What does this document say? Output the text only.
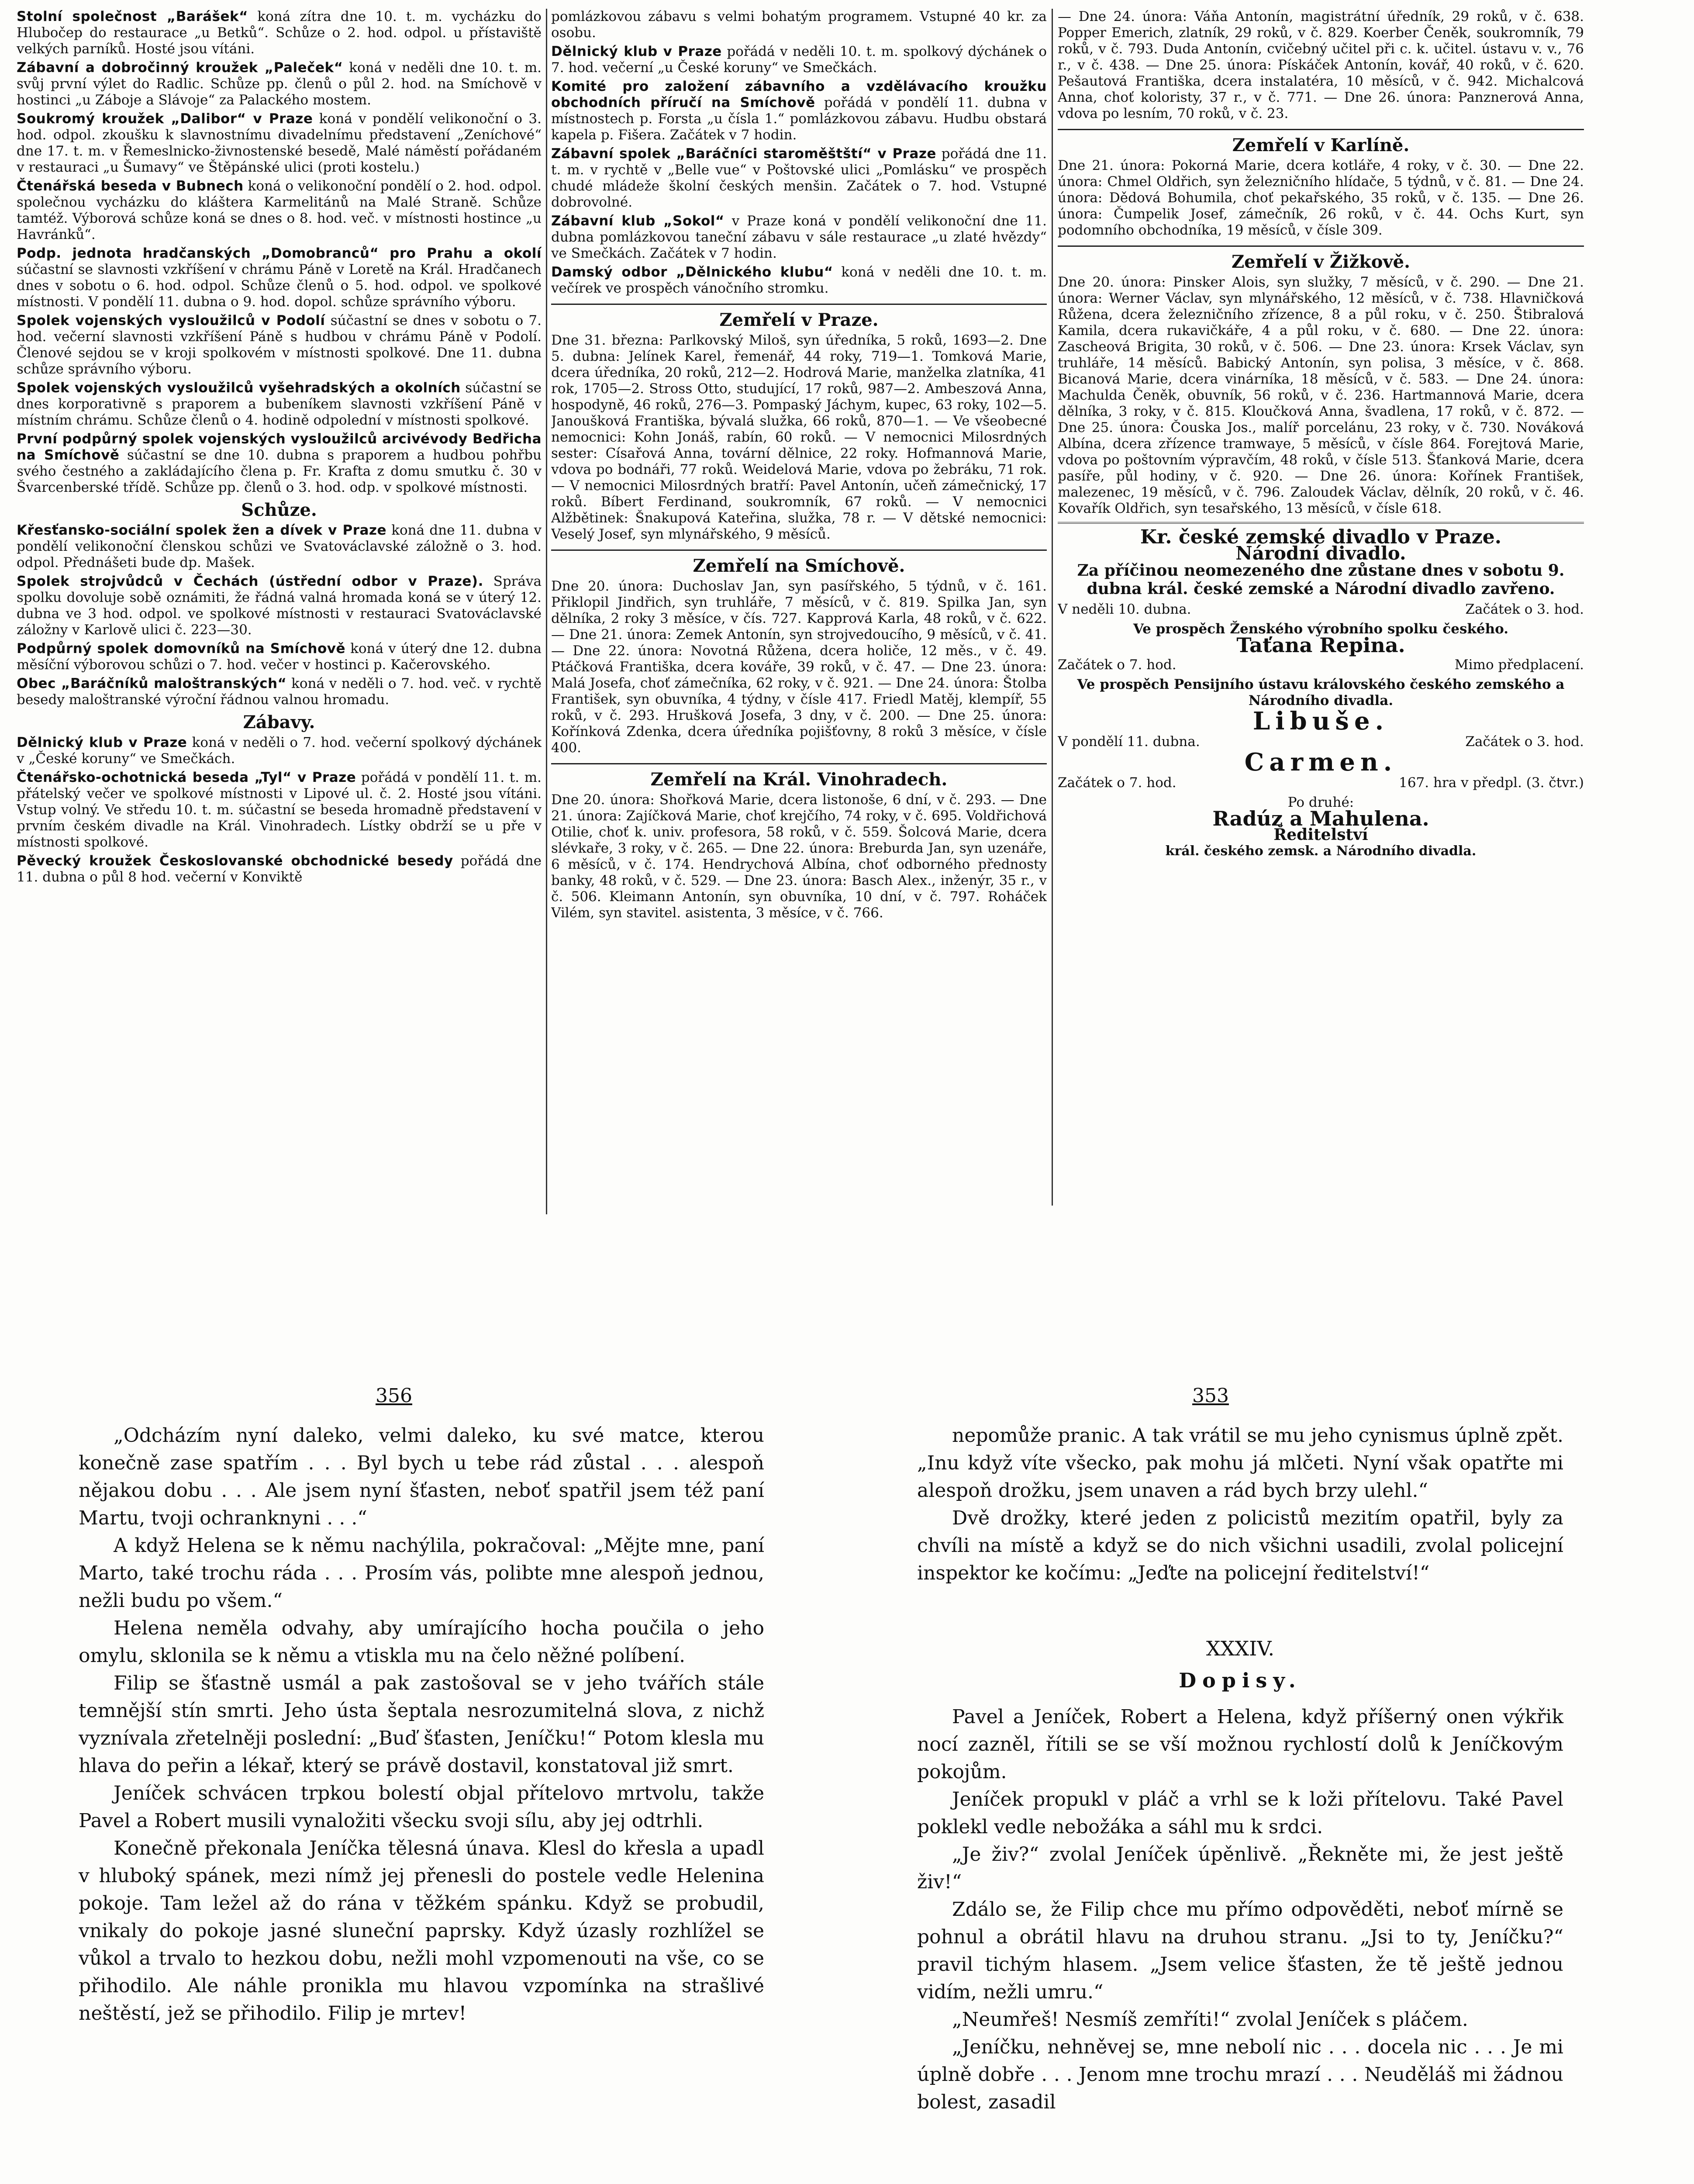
Stolní společnost „Barášek“ koná zítra dne 10. t. m. vycházku do Hlubočep do restaurace „u Betků“. Schůze o 2. hod. odpol. u přístaviště velkých parníků. Hosté jsou vítáni.

Zábavní a dobročinný kroužek „Paleček“ koná v neděli dne 10. t. m. svůj první výlet do Radlic. Schůze pp. členů o půl 2. hod. na Smíchově v hostinci „u Záboje a Slávoje“ za Palackého mostem.

Soukromý kroužek „Dalibor“ v Praze koná v pondělí velikonoční o 3. hod. odpol. zkoušku k slavnostnímu divadelnímu představení „Zeníchové“ dne 17. t. m. v Řemeslnicko-živnostenské besedě, Malé náměstí pořádaném v restauraci „u Šumavy“ ve Štěpánské ulici (proti kostelu.)

Čtenářská beseda v Bubnech koná o velikonoční pondělí o 2. hod. odpol. společnou vycházku do kláštera Karmelitánů na Malé Straně. Schůze tamtéž. Výborová schůze koná se dnes o 8. hod. več. v místnosti hostince „u Havránků“.

Podp. jednota hradčanských „Domobranců“ pro Prahu a okolí súčastní se slavnosti vzkříšení v chrámu Páně v Loretě na Král. Hradčanech dnes v sobotu o 6. hod. odpol. Schůze členů o 5. hod. odpol. ve spolkové místnosti. V pondělí 11. dubna o 9. hod. dopol. schůze správního výboru.

Spolek vojenských vysloužilců v Podolí súčastní se dnes v sobotu o 7. hod. večerní slavnosti vzkříšení Páně s hudbou v chrámu Páně v Podolí. Členové sejdou se v kroji spolkovém v místnosti spolkové. Dne 11. dubna schůze správního výboru.

Spolek vojenských vysloužilců vyšehradských a okolních súčastní se dnes korporativně s praporem a bubeníkem slavnosti vzkříšení Páně v místním chrámu. Schůze členů o 4. hodině odpolední v místnosti spolkové.

První podpůrný spolek vojenských vysloužilců arcivévody Bedřicha na Smíchově súčastní se dne 10. dubna s praporem a hudbou pohřbu svého čestného a zakládajícího člena p. Fr. Krafta z domu smutku č. 30 v Švarcenberské třídě. Schůze pp. členů o 3. hod. odp. v spolkové místnosti.

Schůze.

Křesťansko-sociální spolek žen a dívek v Praze koná dne 11. dubna v pondělí velikonoční členskou schůzi ve Svatováclavské záložně o 3. hod. odpol. Přednášeti bude dp. Mašek.

Spolek strojvůdců v Čechách (ústřední odbor v Praze). Správa spolku dovoluje sobě oznámiti, že řádná valná hromada koná se v úterý 12. dubna ve 3 hod. odpol. ve spolkové místnosti v restauraci Svatováclavské záložny v Karlově ulici č. 223—30.

Podpůrný spolek domovníků na Smíchově koná v úterý dne 12. dubna měsíční výborovou schůzi o 7. hod. večer v hostinci p. Kačerovského.

Obec „Baráčníků maloštranských“ koná v neděli o 7. hod. več. v rychtě besedy maloštranské výroční řádnou valnou hromadu.

Zábavy.

Dělnický klub v Praze koná v neděli o 7. hod. večerní spolkový dýchánek v „České koruny“ ve Smečkách.

Čtenářsko-ochotnická beseda „Tyl“ v Praze pořádá v pondělí 11. t. m. přátelský večer ve spolkové místnosti v Lipové ul. č. 2. Hosté jsou vítáni. Vstup volný. Ve středu 10. t. m. súčastní se beseda hromadně představení v prvním českém divadle na Král. Vinohradech. Lístky obdrží se u pře v místnosti spolkové.

Pěvecký kroužek Českoslovanské obchodnické besedy pořádá dne 11. dubna o půl 8 hod. večerní v Konviktě

pomlázkovou zábavu s velmi bohatým programem. Vstupné 40 kr. za osobu.

Dělnický klub v Praze pořádá v neděli 10. t. m. spolkový dýchánek o 7. hod. večerní „u České koruny“ ve Smečkách.

Komité pro založení zábavního a vzdělávacího kroužku obchodních příručí na Smíchově pořádá v pondělí 11. dubna v místnostech p. Forsta „u čísla 1.“ pomlázkovou zábavu. Hudbu obstará kapela p. Fišera. Začátek v 7 hodin.

Zábavní spolek „Baráčníci staroměštští“ v Praze pořádá dne 11. t. m. v rychtě v „Belle vue“ v Poštovské ulici „Pomlásku“ ve prospěch chudé mládeže školní českých menšin. Začátek o 7. hod. Vstupné dobrovolné.

Zábavní klub „Sokol“ v Praze koná v pondělí velikonoční dne 11. dubna pomlázkovou taneční zábavu v sále restaurace „u zlaté hvězdy“ ve Smečkách. Začátek v 7 hodin.

Damský odbor „Dělnického klubu“ koná v neděli dne 10. t. m. večírek ve prospěch vánočního stromku.

Zemřelí v Praze.

Dne 31. března: Parlkovský Miloš, syn úředníka, 5 roků, 1693—2. Dne 5. dubna: Jelínek Karel, řemenář, 44 roky, 719—1. Tomková Marie, dcera úředníka, 20 roků, 212—2. Hodrová Marie, manželka zlatníka, 41 rok, 1705—2. Stross Otto, studující, 17 roků, 987—2. Ambeszová Anna, hospodyně, 46 roků, 276—3. Pompaský Jáchym, kupec, 63 roky, 102—5. Janoušková Františka, bývalá služka, 66 roků, 870—1. — Ve všeobecné nemocnici: Kohn Jonáš, rabín, 60 roků. — V nemocnici Milosrdných sester: Císařová Anna, tovární dělnice, 22 roky. Hofmannová Marie, vdova po bodnáři, 77 roků. Weidelová Marie, vdova po žebráku, 71 rok. — V nemocnici Milosrdných bratří: Pavel Antonín, učeň zámečnický, 17 roků. Bíbert Ferdinand, soukromník, 67 roků. — V nemocnici Alžbětinek: Šnakupová Kateřina, služka, 78 r. — V dětské nemocnici: Veselý Josef, syn mlynářského, 9 měsíců.

Zemřelí na Smíchově.

Dne 20. února: Duchoslav Jan, syn pasířského, 5 týdnů, v č. 161. Přiklopil Jindřich, syn truhláře, 7 měsíců, v č. 819. Spilka Jan, syn dělníka, 2 roky 3 měsíce, v čís. 727. Kapprová Karla, 48 roků, v č. 622. — Dne 21. února: Zemek Antonín, syn strojvedoucího, 9 měsíců, v č. 41. — Dne 22. února: Novotná Růžena, dcera holiče, 12 měs., v č. 49. Ptáčková Františka, dcera kováře, 39 roků, v č. 47. — Dne 23. února: Malá Josefa, choť zámečníka, 62 roky, v č. 921. — Dne 24. února: Štolba František, syn obuvníka, 4 týdny, v čísle 417. Friedl Matěj, klempíř, 55 roků, v č. 293. Hrušková Josefa, 3 dny, v č. 200. — Dne 25. února: Kořínková Zdenka, dcera úředníka pojišťovny, 8 roků 3 měsíce, v čísle 400.

Zemřelí na Král. Vinohradech.

Dne 20. února: Shořková Marie, dcera listonoše, 6 dní, v č. 293. — Dne 21. února: Zajíčková Marie, choť krejčího, 74 roky, v č. 695. Voldřichová Otilie, choť k. univ. profesora, 58 roků, v č. 559. Šolcová Marie, dcera slévkaře, 3 roky, v č. 265. — Dne 22. února: Breburda Jan, syn uzenáře, 6 měsíců, v č. 174. Hendrychová Albína, choť odborného přednosty banky, 48 roků, v č. 529. — Dne 23. února: Basch Alex., inženýr, 35 r., v č. 506. Kleimann Antonín, syn obuvníka, 10 dní, v č. 797. Roháček Vilém, syn stavitel. asistenta, 3 měsíce, v č. 766.

— Dne 24. února: Váňa Antonín, magistrátní úředník, 29 roků, v č. 638. Popper Emerich, zlatník, 29 roků, v č. 829. Koerber Čeněk, soukromník, 79 roků, v č. 793. Duda Antonín, cvičebný učitel při c. k. učitel. ústavu v. v., 76 r., v č. 438. — Dne 25. února: Pískáček Antonín, kovář, 40 roků, v č. 620. Pešautová Františka, dcera instalatéra, 10 měsíců, v č. 942. Michalcová Anna, choť koloristy, 37 r., v č. 771. — Dne 26. února: Panznerová Anna, vdova po lesním, 70 roků, v č. 23.

Zemřelí v Karlíně.

Dne 21. února: Pokorná Marie, dcera kotláře, 4 roky, v č. 30. — Dne 22. února: Chmel Oldřich, syn železničního hlídače, 5 týdnů, v č. 81. — Dne 24. února: Dědová Bohumila, choť pekařského, 35 roků, v č. 135. — Dne 26. února: Čumpelik Josef, zámečník, 26 roků, v č. 44. Ochs Kurt, syn podomního obchodníka, 19 měsíců, v čísle 309.

Zemřelí v Žižkově.

Dne 20. února: Pinsker Alois, syn služky, 7 měsíců, v č. 290. — Dne 21. února: Werner Václav, syn mlynářského, 12 měsíců, v č. 738. Hlavničková Růžena, dcera železničního zřízence, 8 a půl roku, v č. 250. Štibralová Kamila, dcera rukavičkáře, 4 a půl roku, v č. 680. — Dne 22. února: Zascheová Brigita, 30 roků, v č. 506. — Dne 23. února: Krsek Václav, syn truhláře, 14 měsíců. Babický Antonín, syn polisa, 3 měsíce, v č. 868. Bicanová Marie, dcera vinárníka, 18 měsíců, v č. 583. — Dne 24. února: Machulda Čeněk, obuvník, 56 roků, v č. 236. Hartmannová Marie, dcera dělníka, 3 roky, v č. 815. Kloučková Anna, švadlena, 17 roků, v č. 872. — Dne 25. února: Čouska Jos., malíř porcelánu, 23 roky, v č. 730. Nováková Albína, dcera zřízence tramwaye, 5 měsíců, v čísle 864. Forejtová Marie, vdova po poštovním výpravčím, 48 roků, v čísle 513. Šťanková Marie, dcera pasíře, půl hodiny, v č. 920. — Dne 26. února: Kořínek František, malezenec, 19 měsíců, v č. 796. Zaloudek Václav, dělník, 20 roků, v č. 46. Kovařík Oldřich, syn tesařského, 13 měsíců, v čísle 618.

Kr. české zemské divadlo v Praze.
Národní divadlo.
Za příčinou neomezeného dne zůstane dnes v sobotu 9. dubna král. české zemské a Národní divadlo zavřeno.
V neděli 10. dubna.	Začátek o 3. hod.
Ve prospěch Ženského výrobního spolku českého.
Taťana Repina.
Začátek o 7. hod.	Mimo předplacení.
Ve prospěch Pensijního ústavu královského českého zemského a Národního divadla.
Libuše.
V pondělí 11. dubna.	Začátek o 3. hod.
Carmen.
Začátek o 7. hod.	167. hra v předpl. (3. čtvr.)
Po druhé:
Radúz a Mahulena.
Ředitelství
král. českého zemsk. a Národního divadla.
356	353

„Odcházím nyní daleko, velmi daleko, ku své matce, kterou konečně zase spatřím . . . Byl bych u tebe rád zůstal . . . alespoň nějakou dobu . . . Ale jsem nyní šťasten, neboť spatřil jsem též paní Martu, tvoji ochranknyni . . .“

A když Helena se k němu nachýlila, pokračoval: „Mějte mne, paní Marto, také trochu ráda . . . Prosím vás, polibte mne alespoň jednou, nežli budu po všem.“

Helena neměla odvahy, aby umírajícího hocha poučila o jeho omylu, sklonila se k němu a vtiskla mu na čelo něžné políbení.

Filip se šťastně usmál a pak zastošoval se v jeho tvářích stále temnější stín smrti. Jeho ústa šeptala nesrozumitelná slova, z nichž vyznívala zřetelněji poslední: „Buď šťasten, Jeníčku!“ Potom klesla mu hlava do peřin a lékař, který se právě dostavil, konstatoval již smrt.

Jeníček schvácen trpkou bolestí objal přítelovo mrtvolu, takže Pavel a Robert musili vynaložiti všecku svoji sílu, aby jej odtrhli.

Konečně překonala Jeníčka tělesná únava. Klesl do křesla a upadl v hluboký spánek, mezi nímž jej přenesli do postele vedle Helenina pokoje. Tam ležel až do rána v těžkém spánku. Když se probudil, vnikaly do pokoje jasné sluneční paprsky. Když úzasly rozhlížel se vůkol a trvalo to hezkou dobu, nežli mohl vzpomenouti na vše, co se přihodilo. Ale náhle pronikla mu hlavou vzpomínka na strašlivé neštěstí, jež se přihodilo. Filip je mrtev!

nepomůže pranic. A tak vrátil se mu jeho cynismus úplně zpět. „Inu když víte všecko, pak mohu já mlčeti. Nyní však opatřte mi alespoň drožku, jsem unaven a rád bych brzy ulehl.“

Dvě drožky, které jeden z policistů mezitím opatřil, byly za chvíli na místě a když se do nich všichni usadili, zvolal policejní inspektor ke kočímu: „Jeďte na policejní ředitelství!“

XXXIV.
Dopisy.

Pavel a Jeníček, Robert a Helena, když příšerný onen výkřik nocí zazněl, řítili se se vší možnou rychlostí dolů k Jeníčkovým pokojům.

Jeníček propukl v pláč a vrhl se k loži přítelovu. Také Pavel poklekl vedle nebožáka a sáhl mu k srdci.

„Je živ?“ zvolal Jeníček úpěnlivě. „Řekněte mi, že jest ještě živ!“

Zdálo se, že Filip chce mu přímo odpověděti, neboť mírně se pohnul a obrátil hlavu na druhou stranu. „Jsi to ty, Jeníčku?“ pravil tichým hlasem. „Jsem velice šťasten, že tě ještě jednou vidím, nežli umru.“

„Neumřeš! Nesmíš zemříti!“ zvolal Jeníček s pláčem.

„Jeníčku, nehněvej se, mne nebolí nic . . . docela nic . . . Je mi úplně dobře . . . Jenom mne trochu mrazí . . . Neuděláš mi žádnou bolest, zasadil
